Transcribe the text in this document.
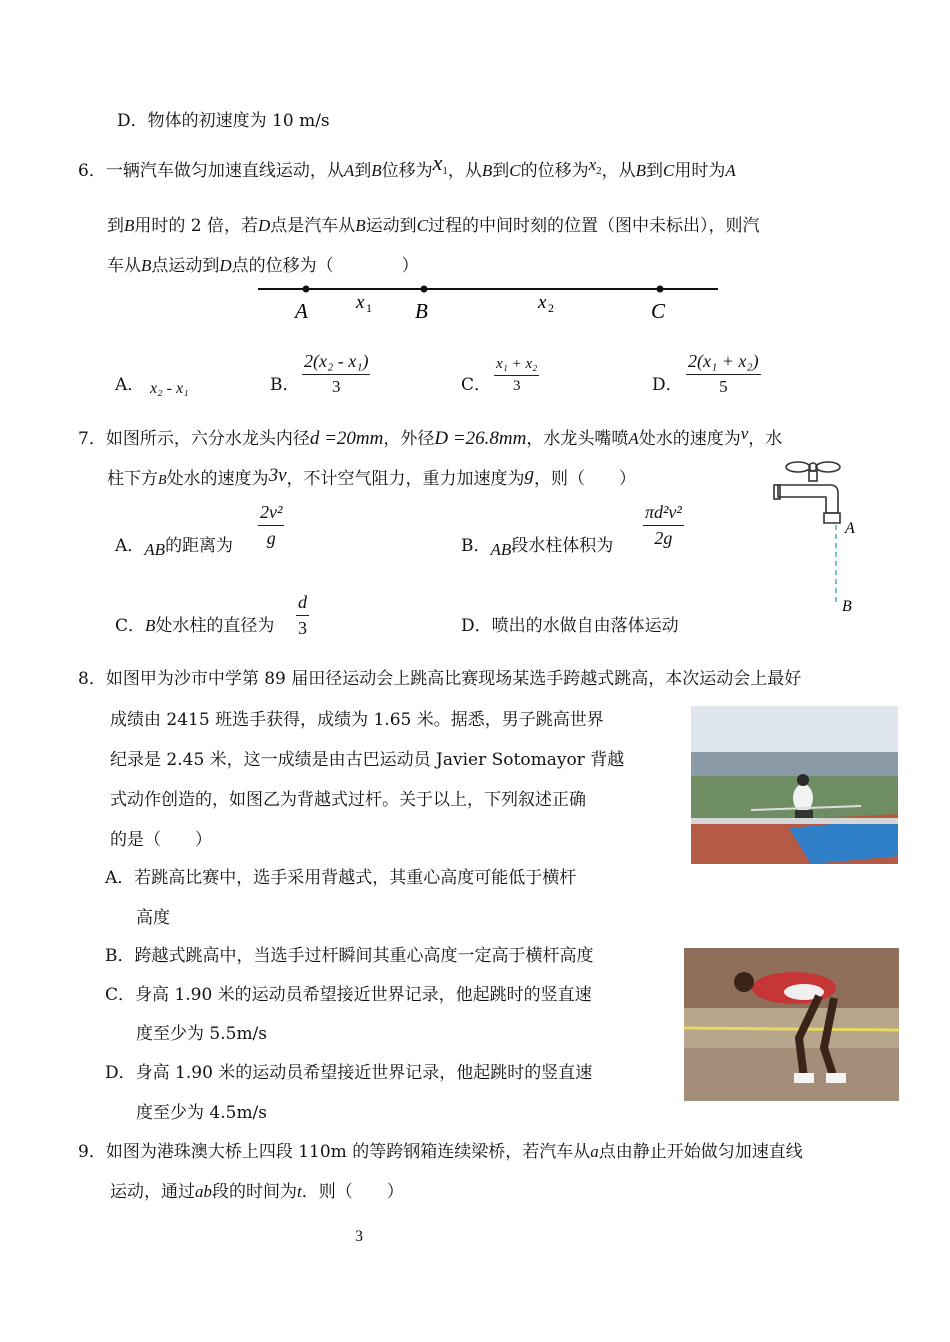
D．物体的初速度为 10 m/s
6．一辆汽车做匀加速直线运动，从A到B位移为$x_1$，从B到C的位移为$x_2$，从B到C用时为A
到B用时的 2 倍，若D点是汽车从B运动到C过程的中间时刻的位置（图中未标出），则汽
车从B点运动到D点的位移为（　　　　）
A	x 1 B	x 2	C
A． x₂ - x₁	B． $\frac{\text{2(x₂ - x₁)}}{3}$	C． $\frac{\text{x₁ + x₂}}{3}$	D． $\frac{\text{2(x₁ + x₂)}}{5}$
7．如图所示，六分水龙头内径d =20mm，外径D =26.8mm，水龙头嘴喷A处水的速度为v，水
柱下方B处水的速度为3v，不计空气阻力，重力加速度为g，则（　　）
A．AB的距离为 $\frac{\text{2v²}}{g}$	B．AB段水柱体积为 $\frac{\text{πd²v²}}{2g}$
C．B处水柱的直径为 $\frac{d}{3}$	D．喷出的水做自由落体运动
A
B
8．如图甲为沙市中学第 89 届田径运动会上跳高比赛现场某选手跨越式跳高，本次运动会上最好
成绩由 2415 班选手获得，成绩为 1.65 米。据悉，男子跳高世界
纪录是 2.45 米，这一成绩是由古巴运动员 Javier Sotomayor 背越
式动作创造的，如图乙为背越式过杆。关于以上，下列叙述正确
的是（　　）
A．若跳高比赛中，选手采用背越式，其重心高度可能低于横杆
高度
B．跨越式跳高中，当选手过杆瞬间其重心高度一定高于横杆高度
C．身高 1.90 米的运动员希望接近世界记录，他起跳时的竖直速
度至少为 5.5m/s
D．身高 1.90 米的运动员希望接近世界记录，他起跳时的竖直速
度至少为 4.5m/s
9．如图为港珠澳大桥上四段 110m 的等跨钢箱连续梁桥，若汽车从a点由静止开始做匀加速直线
运动，通过ab段的时间为t．则（　　）
3
